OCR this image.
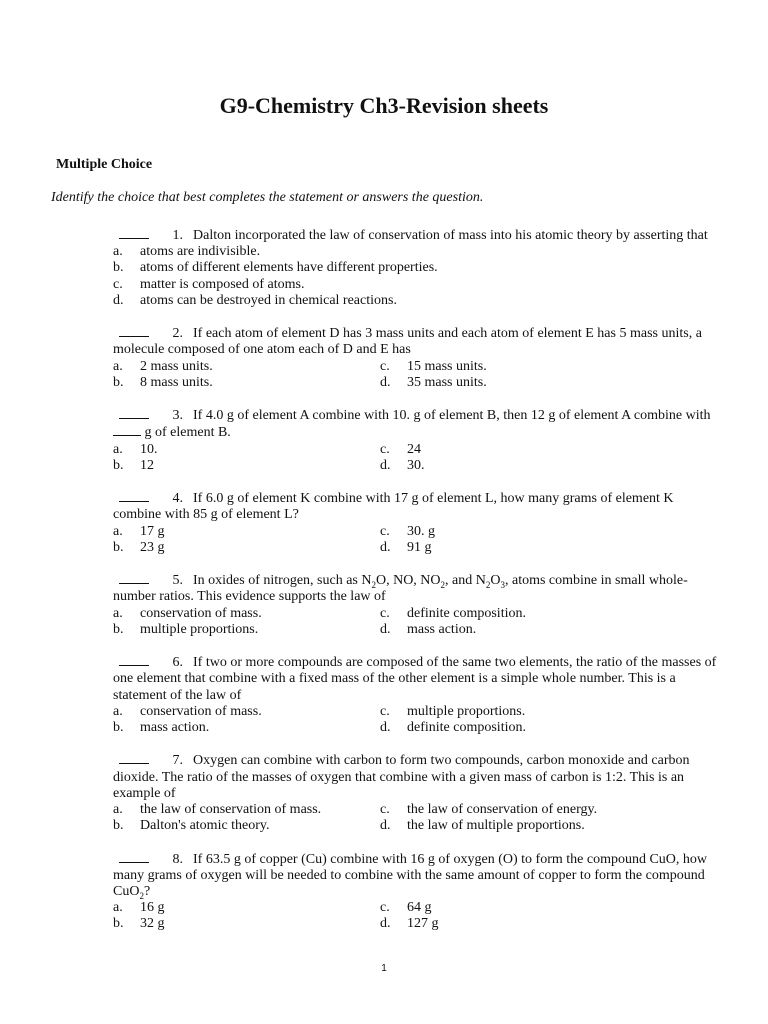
G9-Chemistry Ch3-Revision sheets
Multiple Choice

Identify the choice that best completes the statement or answers the question.

1. Dalton incorporated the law of conservation of mass into his atomic theory by asserting that

a.	atoms are indivisible.
b.	atoms of different elements have different properties.
c.	matter is composed of atoms.
d.	atoms can be destroyed in chemical reactions.

2. If each atom of element D has 3 mass units and each atom of element E has 5 mass units, a molecule composed of one atom each of D and E has

a.	2 mass units.	c.	15 mass units.
b.	8 mass units.	d.	35 mass units.

3. If 4.0 g of element A combine with 10. g of element B, then 12 g of element A combine with  g of element B.

a.	10.	c.	24
b.	12	d.	30.

4. If 6.0 g of element K combine with 17 g of element L, how many grams of element K combine with 85 g of element L?

a.	17 g	c.	30. g
b.	23 g	d.	91 g

5. In oxides of nitrogen, such as $N_2O$, NO, $NO_2$, and $N_2O_3$, atoms combine in small whole-number ratios. This evidence supports the law of

a.	conservation of mass.	c.	definite composition.
b.	multiple proportions.	d.	mass action.

6. If two or more compounds are composed of the same two elements, the ratio of the masses of one element that combine with a fixed mass of the other element is a simple whole number. This is a statement of the law of

a.	conservation of mass.	c.	multiple proportions.
b.	mass action.	d.	definite composition.

7. Oxygen can combine with carbon to form two compounds, carbon monoxide and carbon dioxide. The ratio of the masses of oxygen that combine with a given mass of carbon is 1:2. This is an example of

a.	the law of conservation of mass.	c.	the law of conservation of energy.
b.	Dalton's atomic theory.	d.	the law of multiple proportions.

8. If 63.5 g of copper (Cu) combine with 16 g of oxygen (O) to form the compound CuO, how many grams of oxygen will be needed to combine with the same amount of copper to form the compound CuO$_2$?

a.	16 g	c.	64 g
b.	32 g	d.	127 g
1
